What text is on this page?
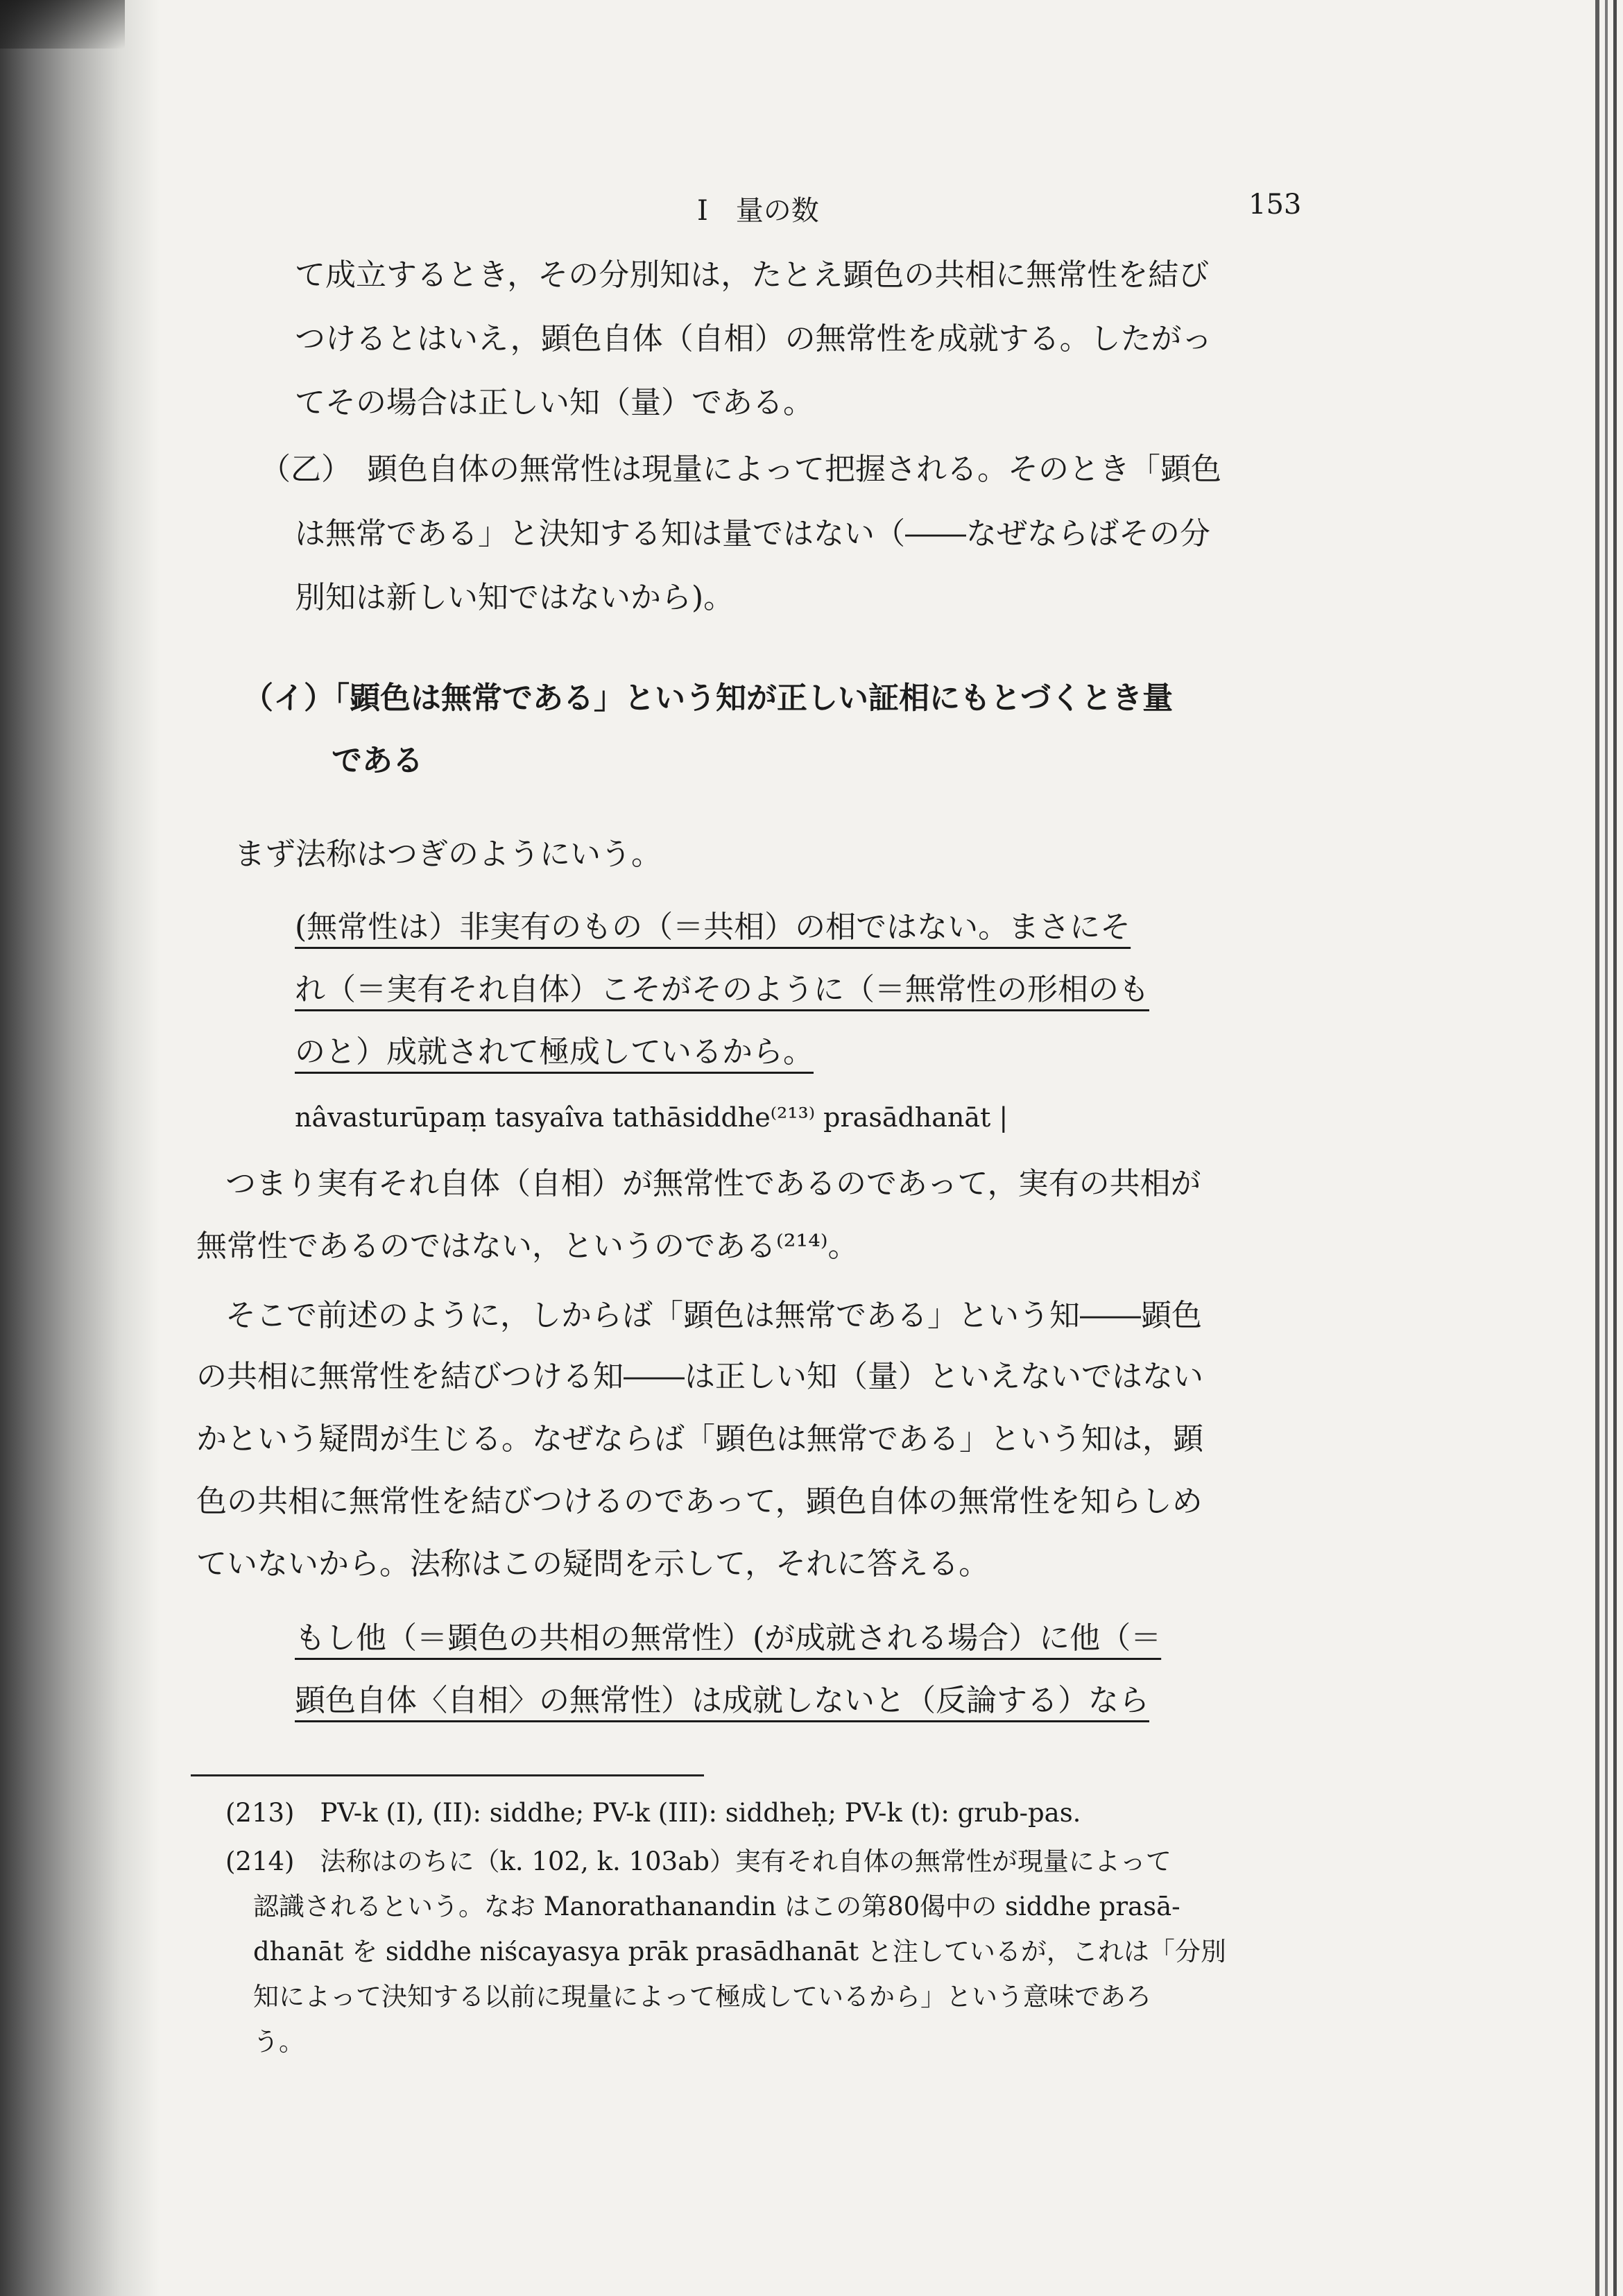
I　量の数	153
て成立するとき，その分別知は，たとえ顕色の共相に無常性を結び
つけるとはいえ，顕色自体（自相）の無常性を成就する。したがっ
てその場合は正しい知（量）である。
（乙）　顕色自体の無常性は現量によって把握される。そのとき「顕色
は無常である」と決知する知は量ではない（――なぜならばその分
別知は新しい知ではないから)。
（イ）「顕色は無常である」という知が正しい証相にもとづくとき量
である
まず法称はつぎのようにいう。
(無常性は）非実有のもの（＝共相）の相ではない。まさにそ
れ（＝実有それ自体）こそがそのように（＝無常性の形相のも
のと）成就されて極成しているから。
nâvasturūpaṃ tasyaîva tathāsiddhe⁽²¹³⁾ prasādhanāt |
つまり実有それ自体（自相）が無常性であるのであって，実有の共相が
無常性であるのではない，というのである⁽²¹⁴⁾。
そこで前述のように，しからば「顕色は無常である」という知――顕色
の共相に無常性を結びつける知――は正しい知（量）といえないではない
かという疑問が生じる。なぜならば「顕色は無常である」という知は，顕
色の共相に無常性を結びつけるのであって，顕色自体の無常性を知らしめ
ていないから。法称はこの疑問を示して，それに答える。
もし他（＝顕色の共相の無常性）(が成就される場合）に他（＝
顕色自体〈自相〉の無常性）は成就しないと（反論する）なら
(213)　PV-k (I), (II): siddhe; PV-k (III): siddheḥ; PV-k (t): grub-pas.
(214)　法称はのちに（k. 102, k. 103ab）実有それ自体の無常性が現量によって
認識されるという。なお Manorathanandin はこの第80偈中の siddhe prasā-
dhanāt を siddhe niścayasya prāk prasādhanāt と注しているが，これは「分別
知によって決知する以前に現量によって極成しているから」という意味であろ
う。
